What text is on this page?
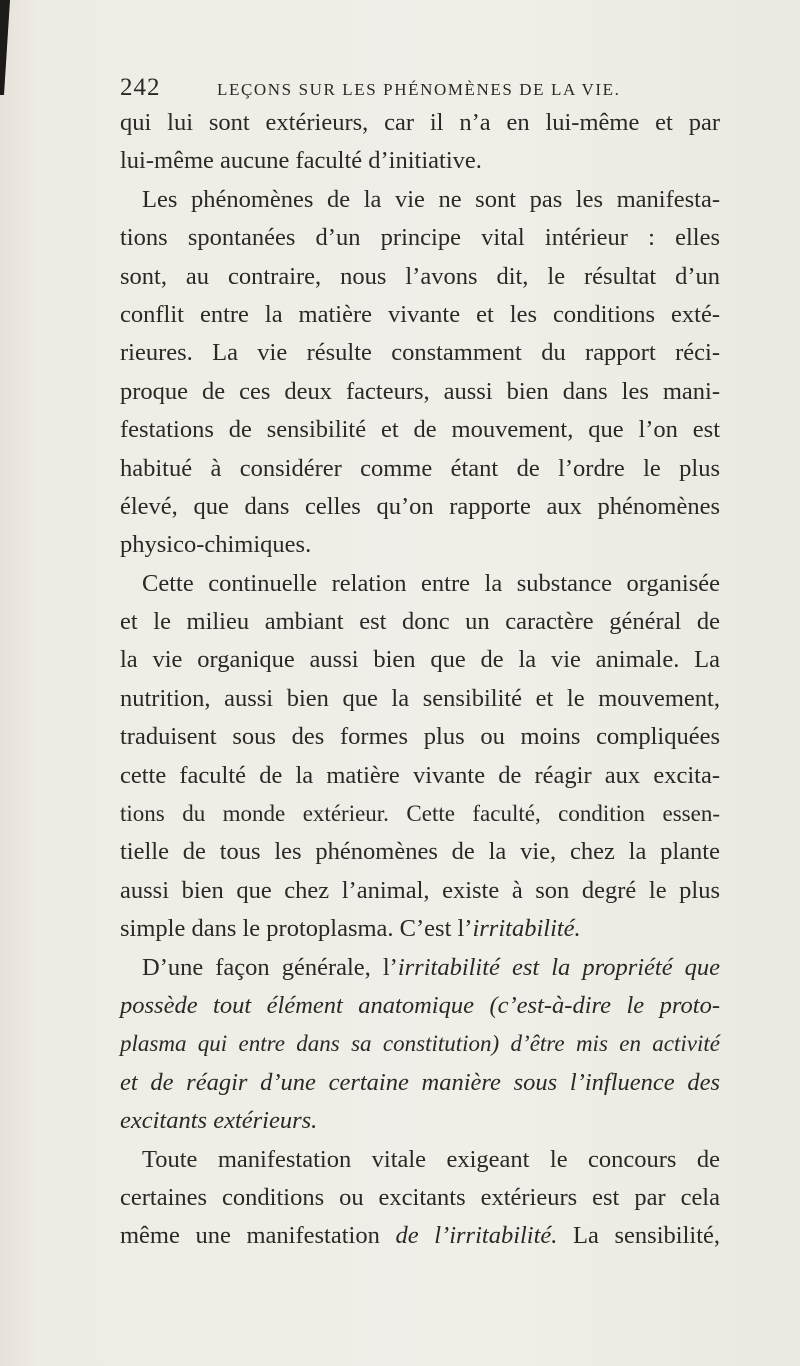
242	LEÇONS SUR LES PHÉNOMÈNES DE LA VIE.
qui lui sont extérieurs, car il n’a en lui-même et par
lui-même aucune faculté d’initiative.
Les phénomènes de la vie ne sont pas les manifesta-
tions spontanées d’un principe vital intérieur : elles
sont, au contraire, nous l’avons dit, le résultat d’un
conflit entre la matière vivante et les conditions exté-
rieures. La vie résulte constamment du rapport réci-
proque de ces deux facteurs, aussi bien dans les mani-
festations de sensibilité et de mouvement, que l’on est
habitué à considérer comme étant de l’ordre le plus
élevé, que dans celles qu’on rapporte aux phénomènes
physico-chimiques.
Cette continuelle relation entre la substance organisée
et le milieu ambiant est donc un caractère général de
la vie organique aussi bien que de la vie animale. La
nutrition, aussi bien que la sensibilité et le mouvement,
traduisent sous des formes plus ou moins compliquées
cette faculté de la matière vivante de réagir aux excita-
tions du monde extérieur. Cette faculté, condition essen-
tielle de tous les phénomènes de la vie, chez la plante
aussi bien que chez l’animal, existe à son degré le plus
simple dans le protoplasma. C’est l’irritabilité.
D’une façon générale, l’irritabilité est la propriété que
possède tout élément anatomique (c’est-à-dire le proto-
plasma qui entre dans sa constitution) d’être mis en activité
et de réagir d’une certaine manière sous l’influence des
excitants extérieurs.
Toute manifestation vitale exigeant le concours de
certaines conditions ou excitants extérieurs est par cela
même une manifestation de l’irritabilité. La sensibilité,
